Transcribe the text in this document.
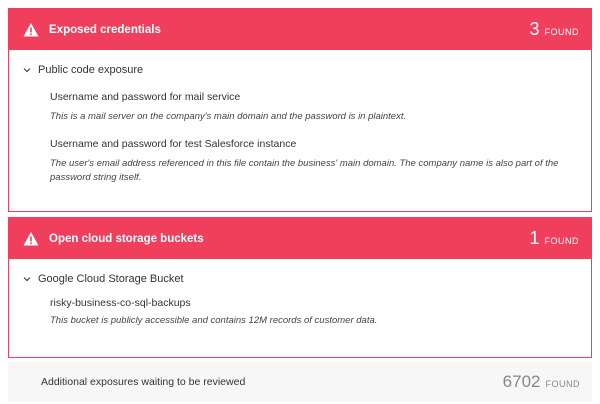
Exposed credentials	3 FOUND
Public code exposure
Username and password for mail service
This is a mail server on the company's main domain and the password is in plaintext.
Username and password for test Salesforce instance
The user's email address referenced in this file contain the business' main domain. The company name is also part of the password string itself.
Open cloud storage buckets	1 FOUND
Google Cloud Storage Bucket
risky-business-co-sql-backups
This bucket is publicly accessible and contains 12M records of customer data.
Additional exposures waiting to be reviewed	6702 FOUND
